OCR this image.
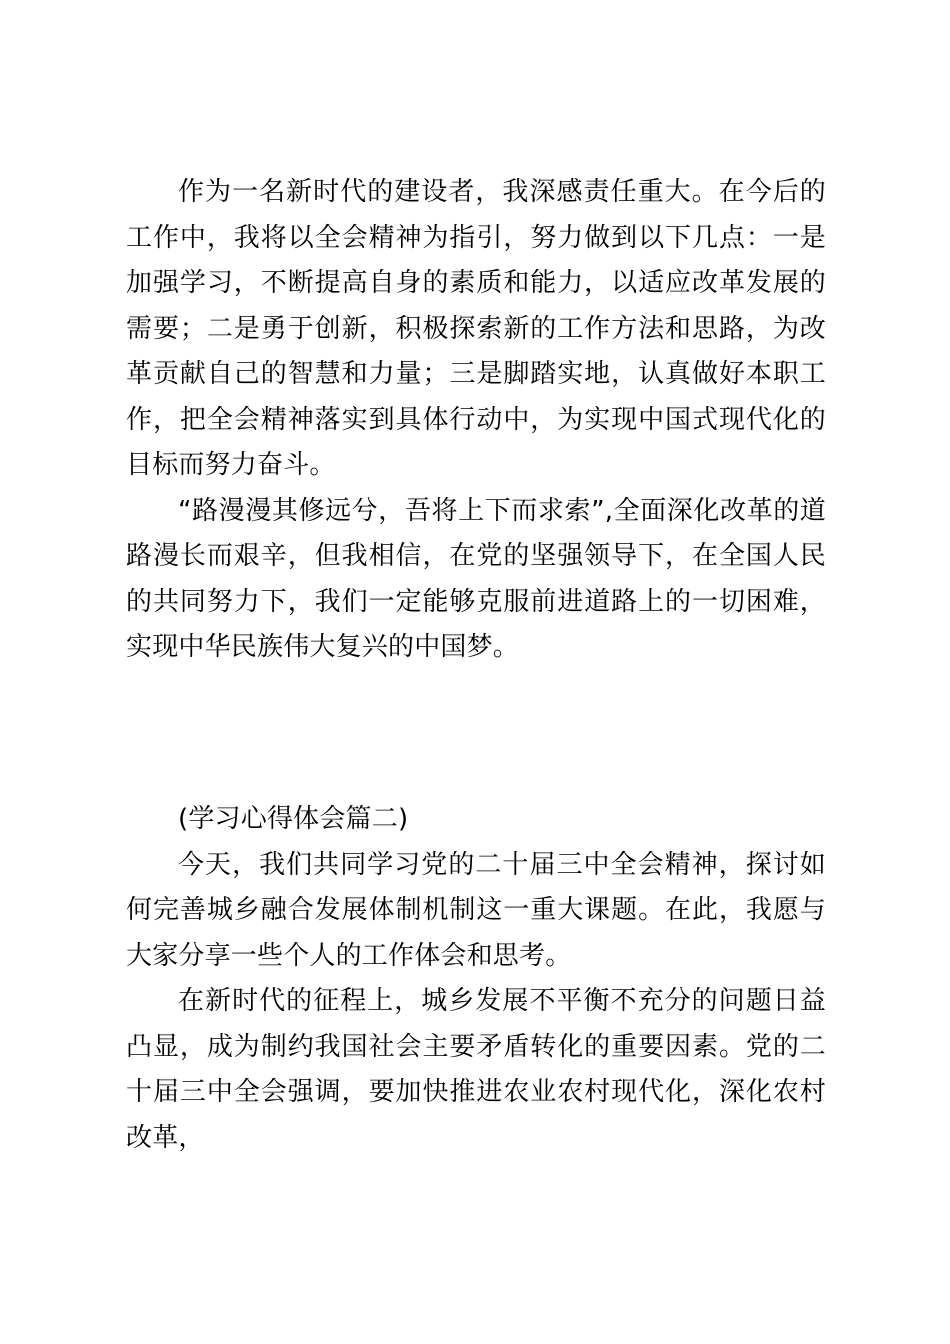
作为一名新时代的建设者，我深感责任重大。在今后的工作中，我将以全会精神为指引，努力做到以下几点：一是加强学习，不断提高自身的素质和能力，以适应改革发展的需要；二是勇于创新，积极探索新的工作方法和思路，为改革贡献自己的智慧和力量；三是脚踏实地，认真做好本职工作，把全会精神落实到具体行动中，为实现中国式现代化的目标而努力奋斗。

“路漫漫其修远兮，吾将上下而求索”,全面深化改革的道路漫长而艰辛，但我相信，在党的坚强领导下，在全国人民的共同努力下，我们一定能够克服前进道路上的一切困难，实现中华民族伟大复兴的中国梦。

(学习心得体会篇二)

今天，我们共同学习党的二十届三中全会精神，探讨如何完善城乡融合发展体制机制这一重大课题。在此，我愿与大家分享一些个人的工作体会和思考。

在新时代的征程上，城乡发展不平衡不充分的问题日益凸显，成为制约我国社会主要矛盾转化的重要因素。党的二十届三中全会强调，要加快推进农业农村现代化，深化农村改革，
